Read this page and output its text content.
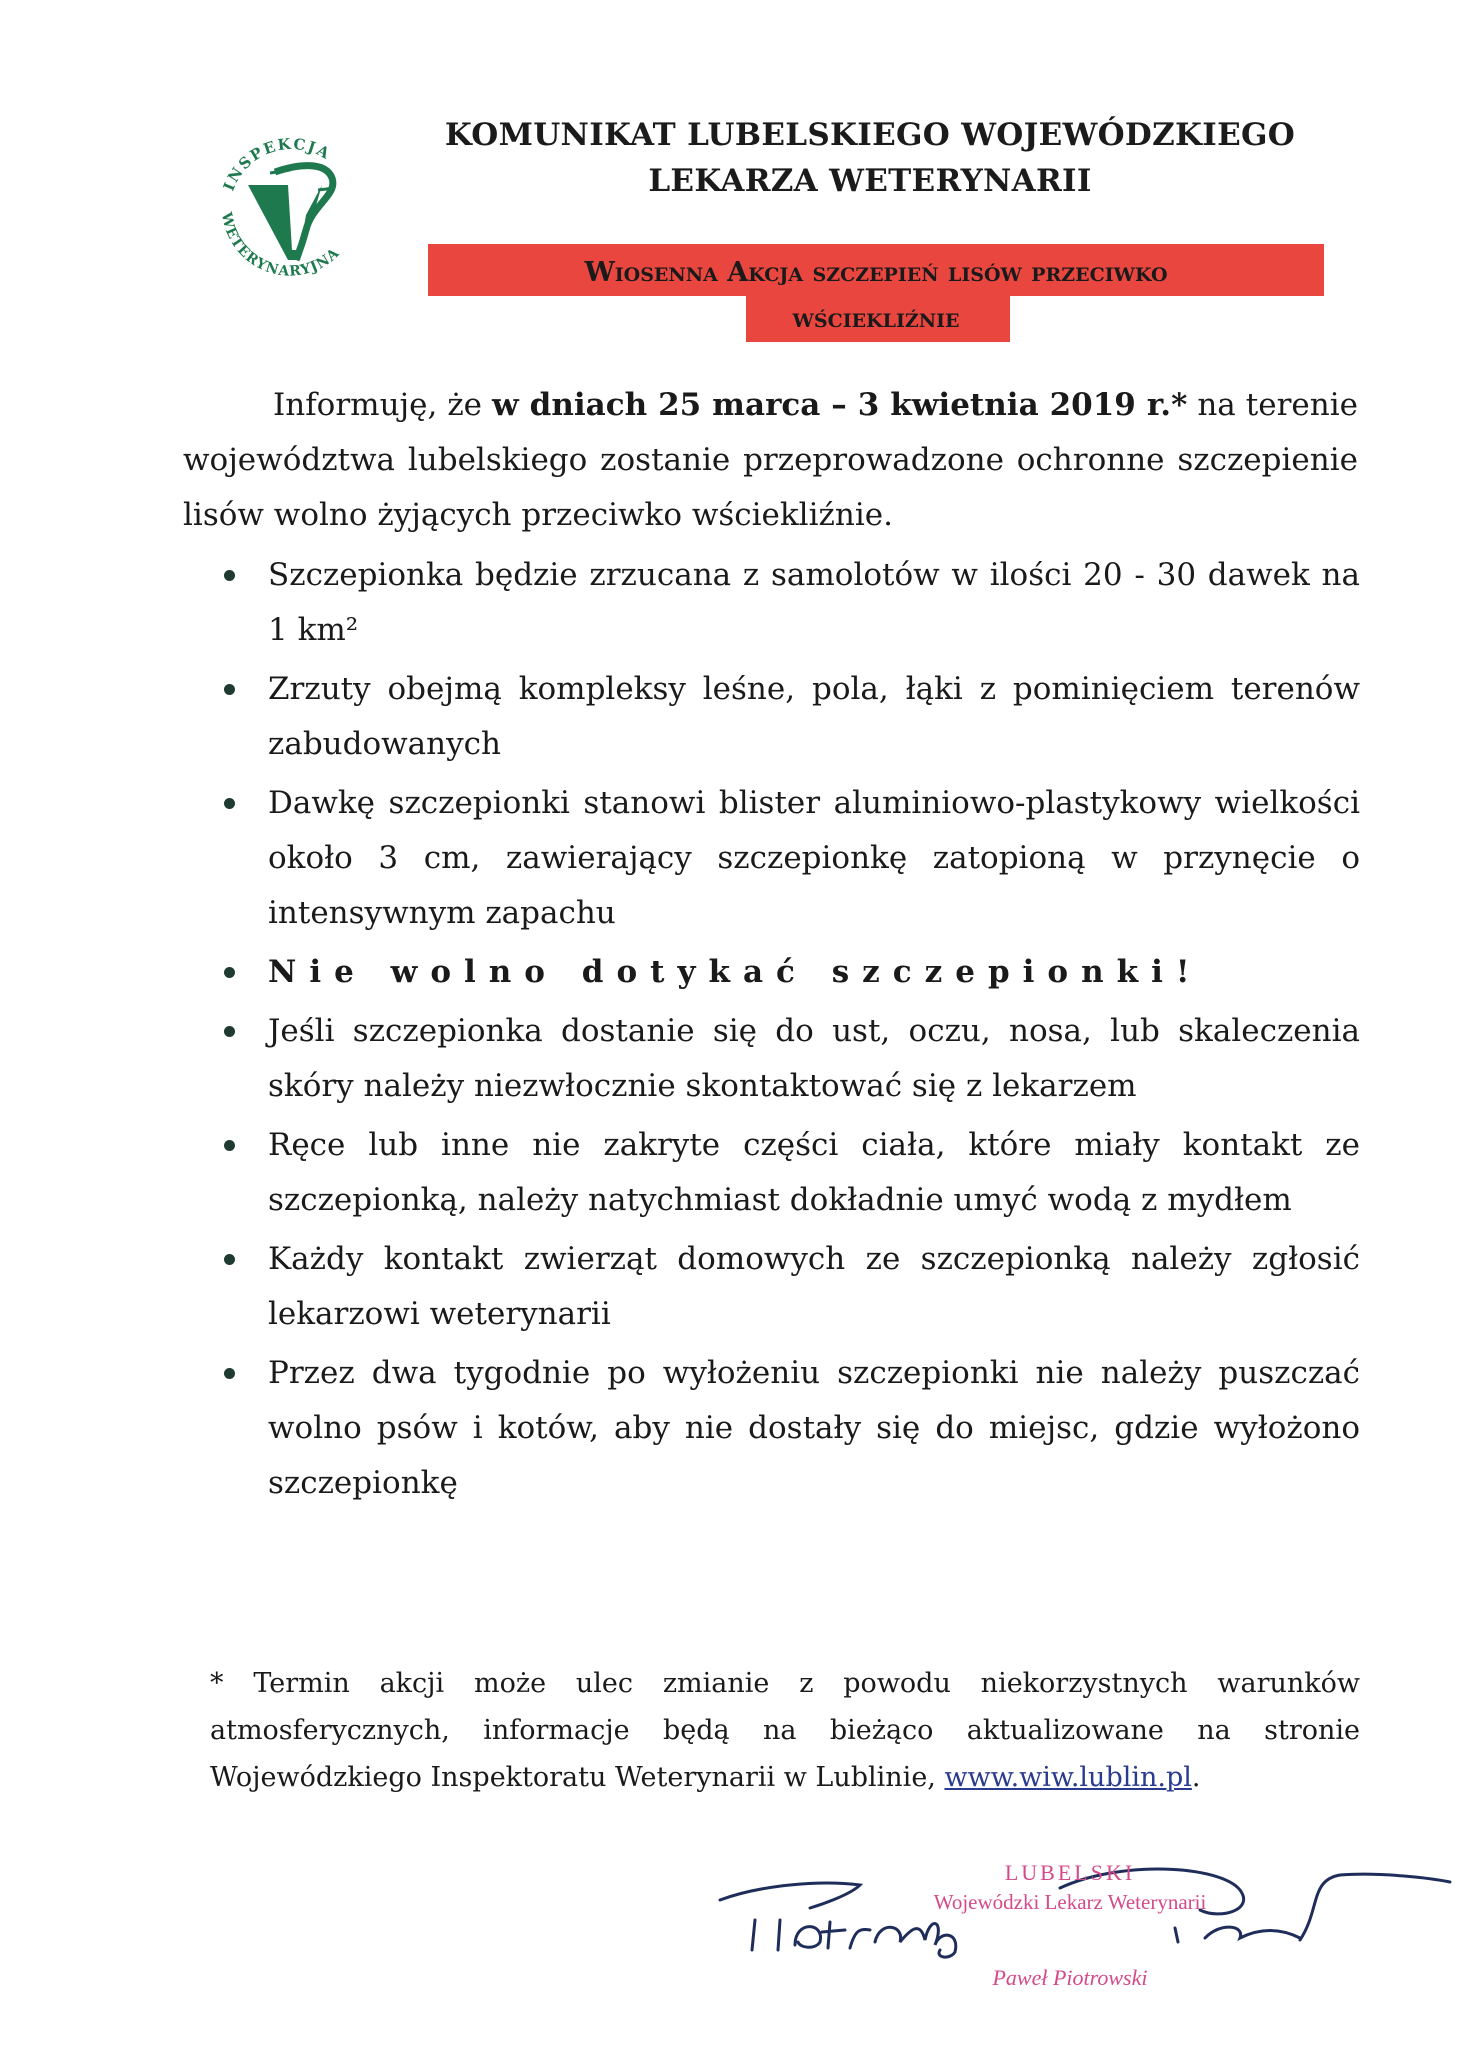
INSPEKCJA
WETERYNARYJNA
KOMUNIKAT LUBELSKIEGO WOJEWÓDZKIEGO
LEKARZA WETERYNARII
Wiosenna Akcja szczepień lisów przeciwko
wściekliźnie
Informuję, że w dniach 25 marca – 3 kwietnia 2019 r.* na terenie województwa lubelskiego zostanie przeprowadzone ochronne szczepienie lisów wolno żyjących przeciwko wściekliźnie.
Szczepionka będzie zrzucana z samolotów w ilości 20 - 30 dawek na 1 km²
Zrzuty obejmą kompleksy leśne, pola, łąki z pominięciem terenów zabudowanych
Dawkę szczepionki stanowi blister aluminiowo-plastykowy wielkości około 3 cm, zawierający szczepionkę zatopioną w przynęcie o intensywnym zapachu
Nie wolno dotykać szczepionki!
Jeśli szczepionka dostanie się do ust, oczu, nosa, lub skaleczenia skóry należy niezwłocznie skontaktować się z lekarzem
Ręce lub inne nie zakryte części ciała, które miały kontakt ze szczepionką, należy natychmiast dokładnie umyć wodą z mydłem
Każdy kontakt zwierząt domowych ze szczepionką należy zgłosić lekarzowi weterynarii
Przez dwa tygodnie po wyłożeniu szczepionki nie należy puszczać wolno psów i kotów, aby nie dostały się do miejsc, gdzie wyłożono szczepionkę
* Termin akcji może ulec zmianie z powodu niekorzystnych warunków atmosferycznych, informacje będą na bieżąco aktualizowane na stronie Wojewódzkiego Inspektoratu Weterynarii w Lublinie, www.wiw.lublin.pl.
LUBELSKI
Wojewódzki Lekarz Weterynarii
Paweł Piotrowski
